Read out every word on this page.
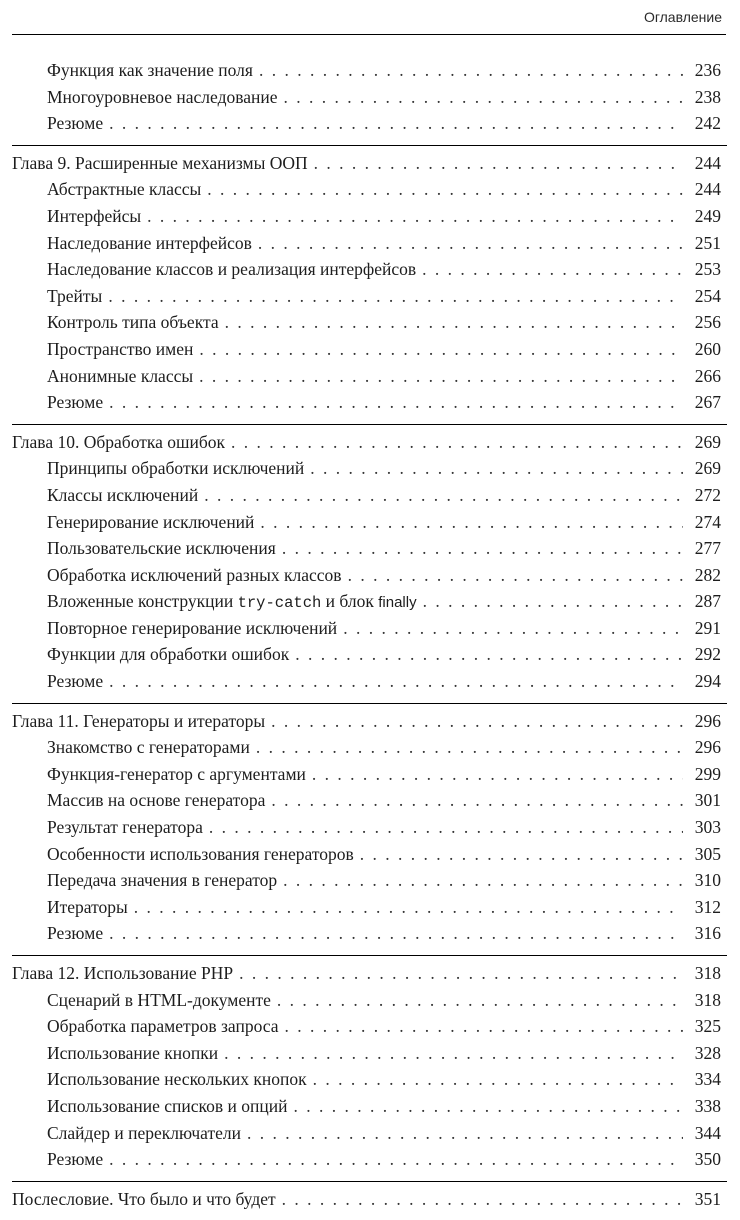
Оглавление
Функция как значение поля . . .	236
Многоуровневое наследование . . .	238
Резюме . . .	242
Глава 9. Расширенные механизмы ООП . . .	244
Абстрактные классы . . .	244
Интерфейсы . . .	249
Наследование интерфейсов . . .	251
Наследование классов и реализация интерфейсов . . .	253
Трейты . . .	254
Контроль типа объекта . . .	256
Пространство имен . . .	260
Анонимные классы . . .	266
Резюме . . .	267
Глава 10. Обработка ошибок . . .	269
Принципы обработки исключений . . .	269
Классы исключений . . .	272
Генерирование исключений . . .	274
Пользовательские исключения . . .	277
Обработка исключений разных классов . . .	282
Вложенные конструкции try-catch и блок finally . . .	287
Повторное генерирование исключений . . .	291
Функции для обработки ошибок . . .	292
Резюме . . .	294
Глава 11. Генераторы и итераторы . . .	296
Знакомство с генераторами . . .	296
Функция-генератор с аргументами . . .	299
Массив на основе генератора . . .	301
Результат генератора . . .	303
Особенности использования генераторов . . .	305
Передача значения в генератор . . .	310
Итераторы . . .	312
Резюме . . .	316
Глава 12. Использование PHP . . .	318
Сценарий в HTML-документе . . .	318
Обработка параметров запроса . . .	325
Использование кнопки . . .	328
Использование нескольких кнопок . . .	334
Использование списков и опций . . .	338
Слайдер и переключатели . . .	344
Резюме . . .	350
Послесловие. Что было и что будет . . .	351
